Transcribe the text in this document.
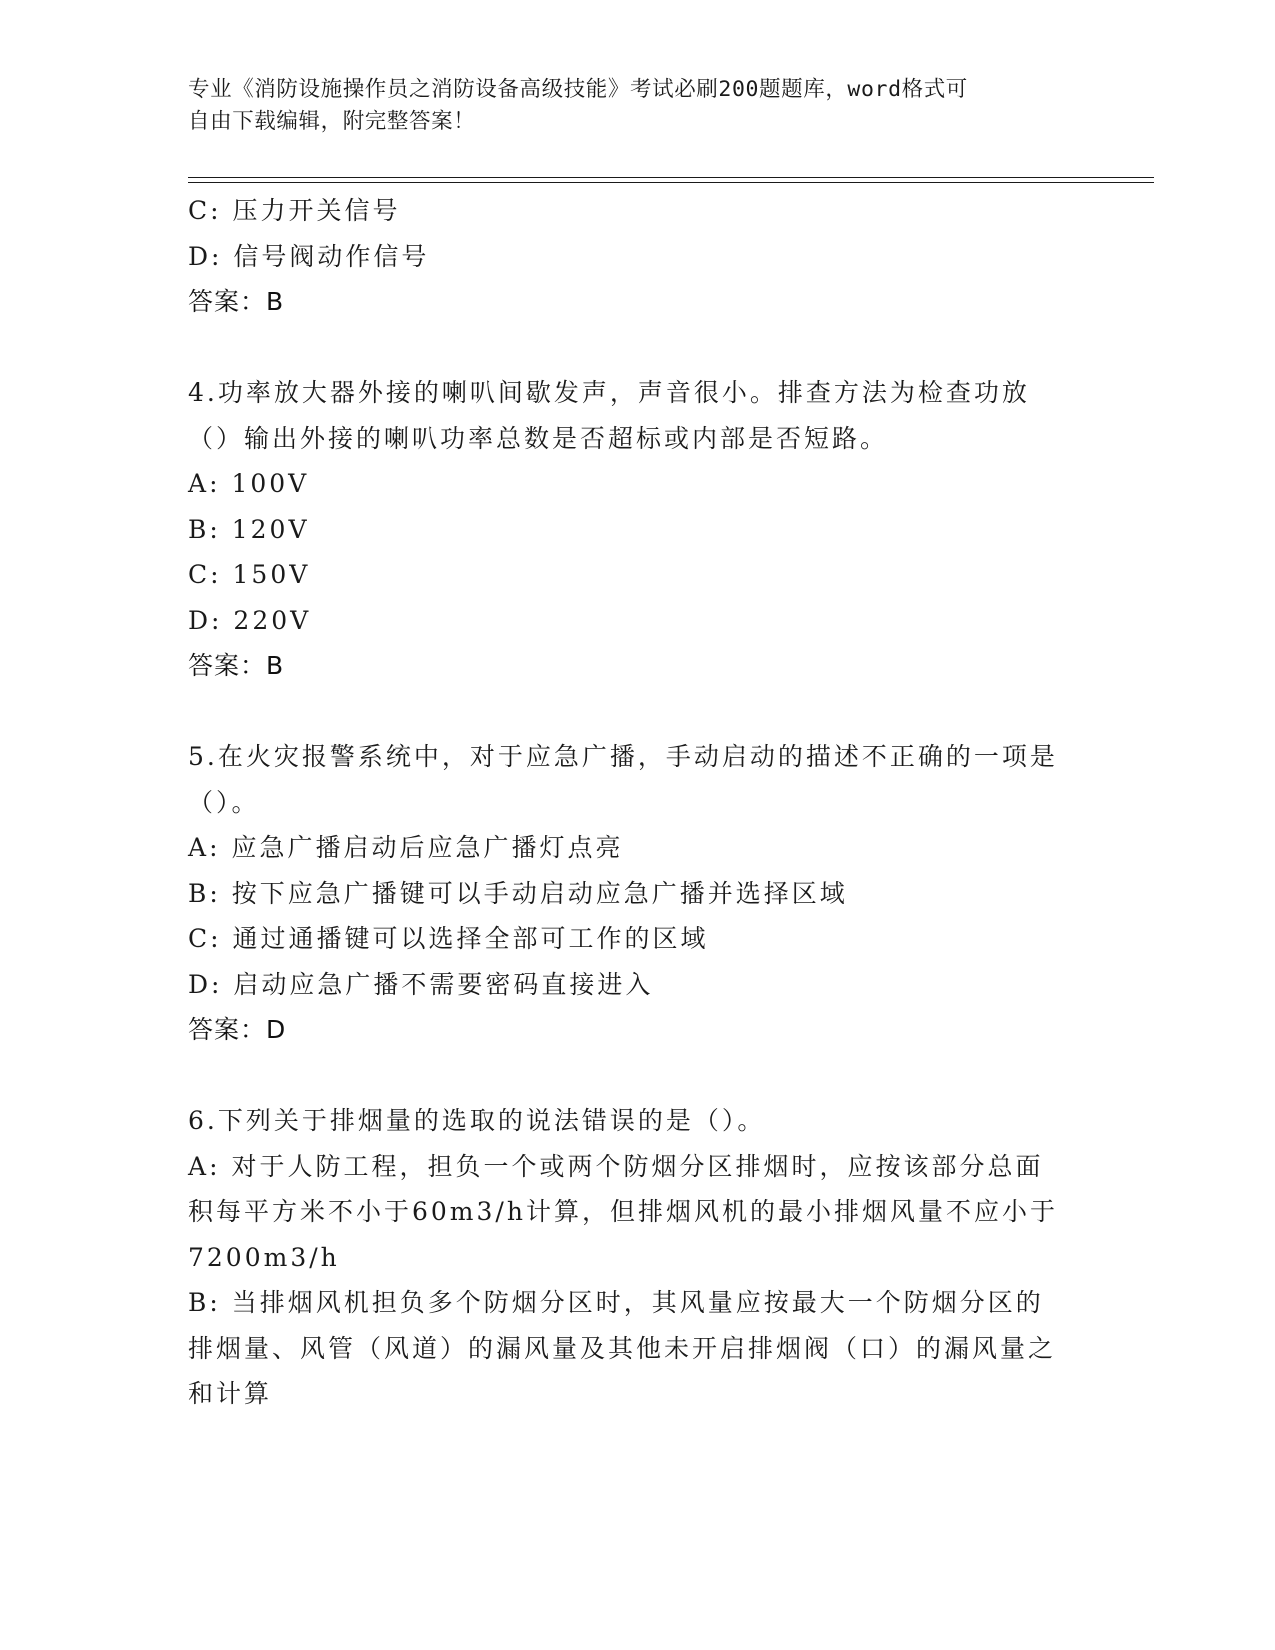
专业《消防设施操作员之消防设备高级技能》考试必刷200题题库，word格式可
自由下载编辑，附完整答案！

C: 压力开关信号

D: 信号阀动作信号

答案：B

4.功率放大器外接的喇叭间歇发声，声音很小。排查方法为检查功放（）输出外接的喇叭功率总数是否超标或内部是否短路。

A: 100V

B: 120V

C: 150V

D: 220V

答案：B

5.在火灾报警系统中，对于应急广播，手动启动的描述不正确的一项是（）。

A: 应急广播启动后应急广播灯点亮

B: 按下应急广播键可以手动启动应急广播并选择区域

C: 通过通播键可以选择全部可工作的区域

D: 启动应急广播不需要密码直接进入

答案：D

6.下列关于排烟量的选取的说法错误的是（）。

A: 对于人防工程，担负一个或两个防烟分区排烟时，应按该部分总面积每平方米不小于60m3/h计算，但排烟风机的最小排烟风量不应小于7200m3/h

B: 当排烟风机担负多个防烟分区时，其风量应按最大一个防烟分区的排烟量、风管（风道）的漏风量及其他未开启排烟阀（口）的漏风量之和计算
